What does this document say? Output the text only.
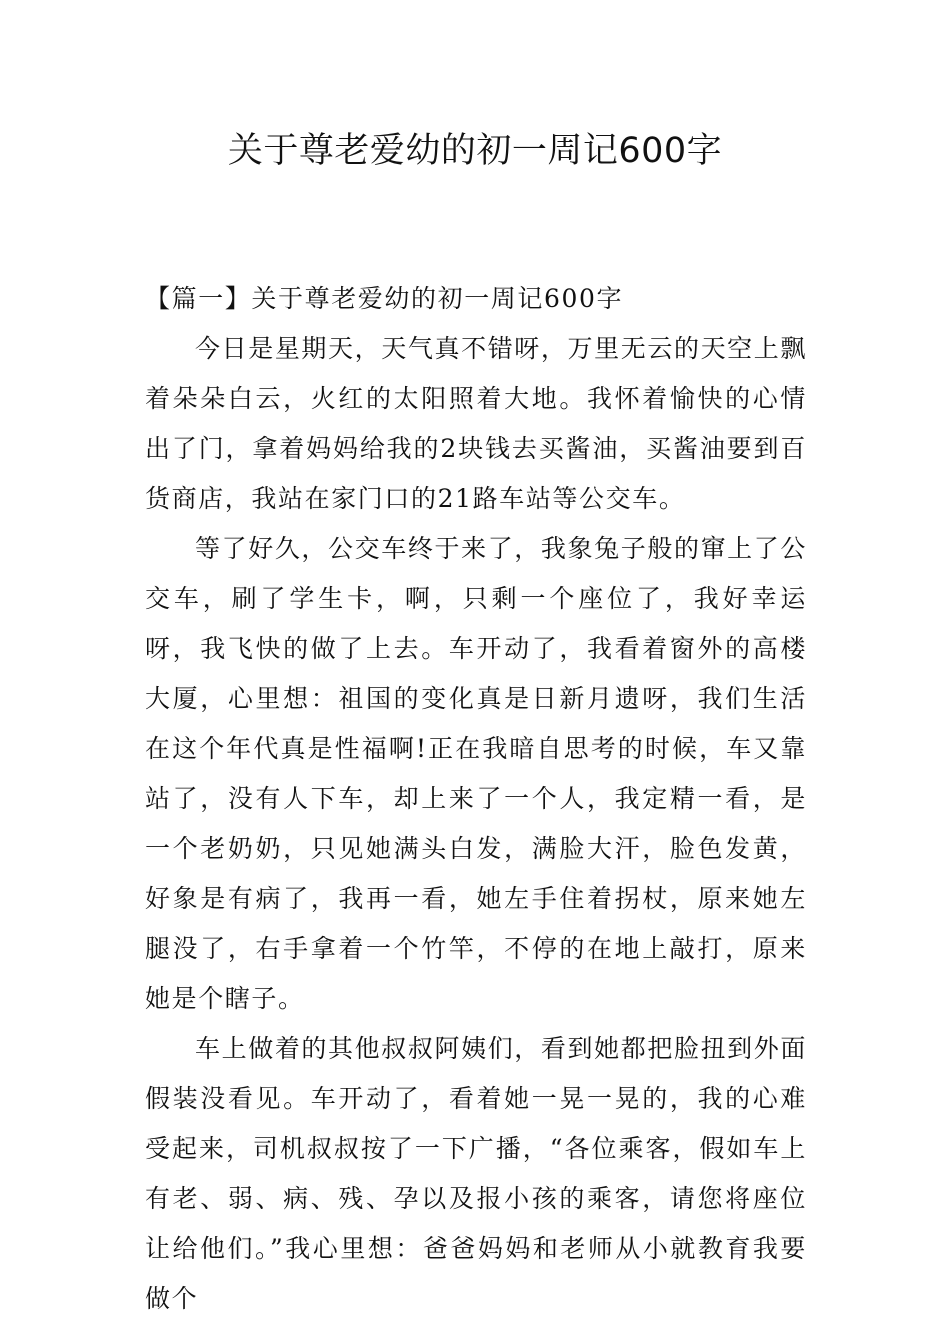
关于尊老爱幼的初一周记600字

【篇一】关于尊老爱幼的初一周记600字

今日是星期天，天气真不错呀，万里无云的天空上飘着朵朵白云，火红的太阳照着大地。我怀着愉快的心情出了门，拿着妈妈给我的2块钱去买酱油，买酱油要到百货商店，我站在家门口的21路车站等公交车。

等了好久，公交车终于来了，我象兔子般的窜上了公交车，刷了学生卡，啊，只剩一个座位了，我好幸运呀，我飞快的做了上去。车开动了，我看着窗外的高楼大厦，心里想：祖国的变化真是日新月遗呀，我们生活在这个年代真是性福啊!正在我暗自思考的时候，车又靠站了，没有人下车，却上来了一个人，我定精一看，是一个老奶奶，只见她满头白发，满脸大汗，脸色发黄，好象是有病了，我再一看，她左手住着拐杖，原来她左腿没了，右手拿着一个竹竿，不停的在地上敲打，原来她是个瞎子。

车上做着的其他叔叔阿姨们，看到她都把脸扭到外面假装没看见。车开动了，看着她一晃一晃的，我的心难受起来，司机叔叔按了一下广播，“各位乘客，假如车上有老、弱、病、残、孕以及报小孩的乘客，请您将座位让给他们。”我心里想：爸爸妈妈和老师从小就教育我要做个
